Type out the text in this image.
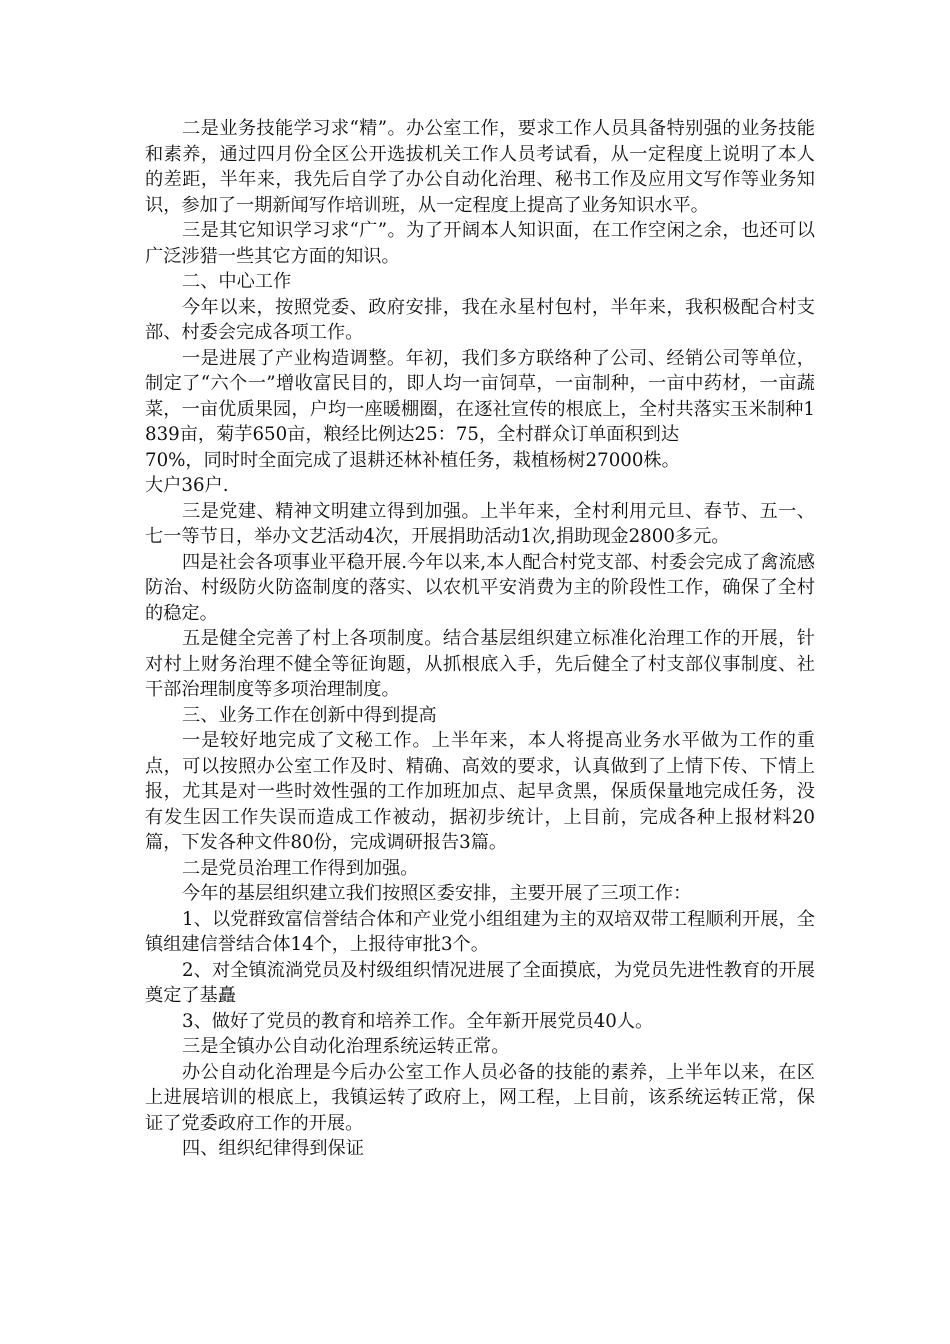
二是业务技能学习求“精”。办公室工作，要求工作人员具备特别强的业务技能和素养，通过四月份全区公开选拔机关工作人员考试看，从一定程度上说明了本人的差距，半年来，我先后自学了办公自动化治理、秘书工作及应用文写作等业务知识，参加了一期新闻写作培训班，从一定程度上提高了业务知识水平。

三是其它知识学习求“广”。为了开阔本人知识面，在工作空闲之余，也还可以广泛涉猎一些其它方面的知识。

二、中心工作

今年以来，按照党委、政府安排，我在永星村包村，半年来，我积极配合村支部、村委会完成各项工作。

一是进展了产业构造调整。年初，我们多方联络种了公司、经销公司等单位，制定了“六个一”增收富民目的，即人均一亩饲草，一亩制种，一亩中药材，一亩蔬菜，一亩优质果园，户均一座暖棚圈，在逐社宣传的根底上，全村共落实玉米制种1839亩，菊芋650亩，粮经比例达25：75，全村群众订单面积到达

70%，同时时全面完成了退耕还林补植任务，栽植杨树27000株。

大户36户.

三是党建、精神文明建立得到加强。上半年来，全村利用元旦、春节、五一、七一等节日，举办文艺活动4次，开展捐助活动1次,捐助现金2800多元。

四是社会各项事业平稳开展.今年以来,本人配合村党支部、村委会完成了禽流感防治、村级防火防盗制度的落实、以农机平安消费为主的阶段性工作，确保了全村的稳定。

五是健全完善了村上各项制度。结合基层组织建立标准化治理工作的开展，针对村上财务治理不健全等征询题，从抓根底入手，先后健全了村支部仪事制度、社干部治理制度等多项治理制度。

三、业务工作在创新中得到提高

一是较好地完成了文秘工作。上半年来，本人将提高业务水平做为工作的重点，可以按照办公室工作及时、精确、高效的要求，认真做到了上情下传、下情上报，尤其是对一些时效性强的工作加班加点、起早贪黑，保质保量地完成任务，没有发生因工作失误而造成工作被动，据初步统计，上目前，完成各种上报材料20篇，下发各种文件80份，完成调研报告3篇。

二是党员治理工作得到加强。

今年的基层组织建立我们按照区委安排，主要开展了三项工作：

1、以党群致富信誉结合体和产业党小组组建为主的双培双带工程顺利开展，全镇组建信誉结合体14个，上报待审批3个。

2、对全镇流淌党员及村级组织情况进展了全面摸底，为党员先进性教育的开展奠定了基矗

3、做好了党员的教育和培养工作。全年新开展党员40人。

三是全镇办公自动化治理系统运转正常。

办公自动化治理是今后办公室工作人员必备的技能的素养，上半年以来，在区上进展培训的根底上，我镇运转了政府上，网工程，上目前，该系统运转正常，保证了党委政府工作的开展。

四、组织纪律得到保证
